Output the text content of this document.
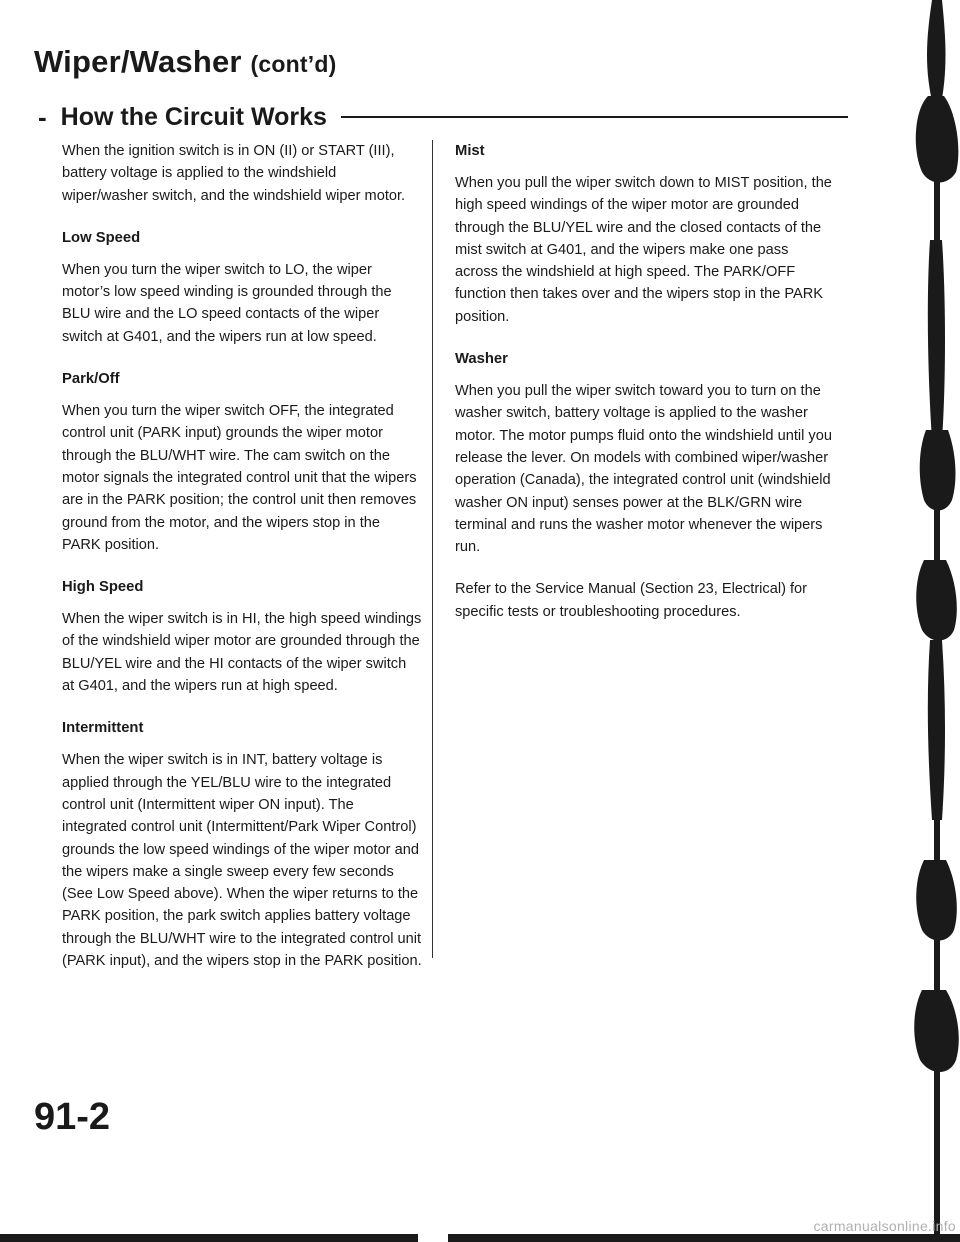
Wiper/Washer (cont’d)
- How the Circuit Works

When the ignition switch is in ON (II) or START (III), battery voltage is applied to the windshield wiper/washer switch, and the windshield wiper motor.

Low Speed

When you turn the wiper switch to LO, the wiper motor’s low speed winding is grounded through the BLU wire and the LO speed contacts of the wiper switch at G401, and the wipers run at low speed.

Park/Off

When you turn the wiper switch OFF, the integrated control unit (PARK input) grounds the wiper motor through the BLU/WHT wire. The cam switch on the motor signals the integrated control unit that the wipers are in the PARK position; the control unit then removes ground from the motor, and the wipers stop in the PARK position.

High Speed

When the wiper switch is in HI, the high speed windings of the windshield wiper motor are grounded through the BLU/YEL wire and the HI contacts of the wiper switch at G401, and the wipers run at high speed.

Intermittent

When the wiper switch is in INT, battery voltage is applied through the YEL/BLU wire to the integrated control unit (Intermittent wiper ON input). The integrated control unit (Intermittent/Park Wiper Control) grounds the low speed windings of the wiper motor and the wipers make a single sweep every few seconds (See Low Speed above). When the wiper returns to the PARK position, the park switch applies battery voltage through the BLU/WHT wire to the integrated control unit (PARK input), and the wipers stop in the PARK position.

Mist

When you pull the wiper switch down to MIST position, the high speed windings of the wiper motor are grounded through the BLU/YEL wire and the closed contacts of the mist switch at G401, and the wipers make one pass across the windshield at high speed. The PARK/OFF function then takes over and the wipers stop in the PARK position.

Washer

When you pull the wiper switch toward you to turn on the washer switch, battery voltage is applied to the washer motor. The motor pumps fluid onto the windshield until you release the lever. On models with combined wiper/washer operation (Canada), the integrated control unit (windshield washer ON input) senses power at the BLK/GRN wire terminal and runs the washer motor whenever the wipers run.

Refer to the Service Manual (Section 23, Electrical) for specific tests or troubleshooting procedures.

91-2
carmanualsonline.info
